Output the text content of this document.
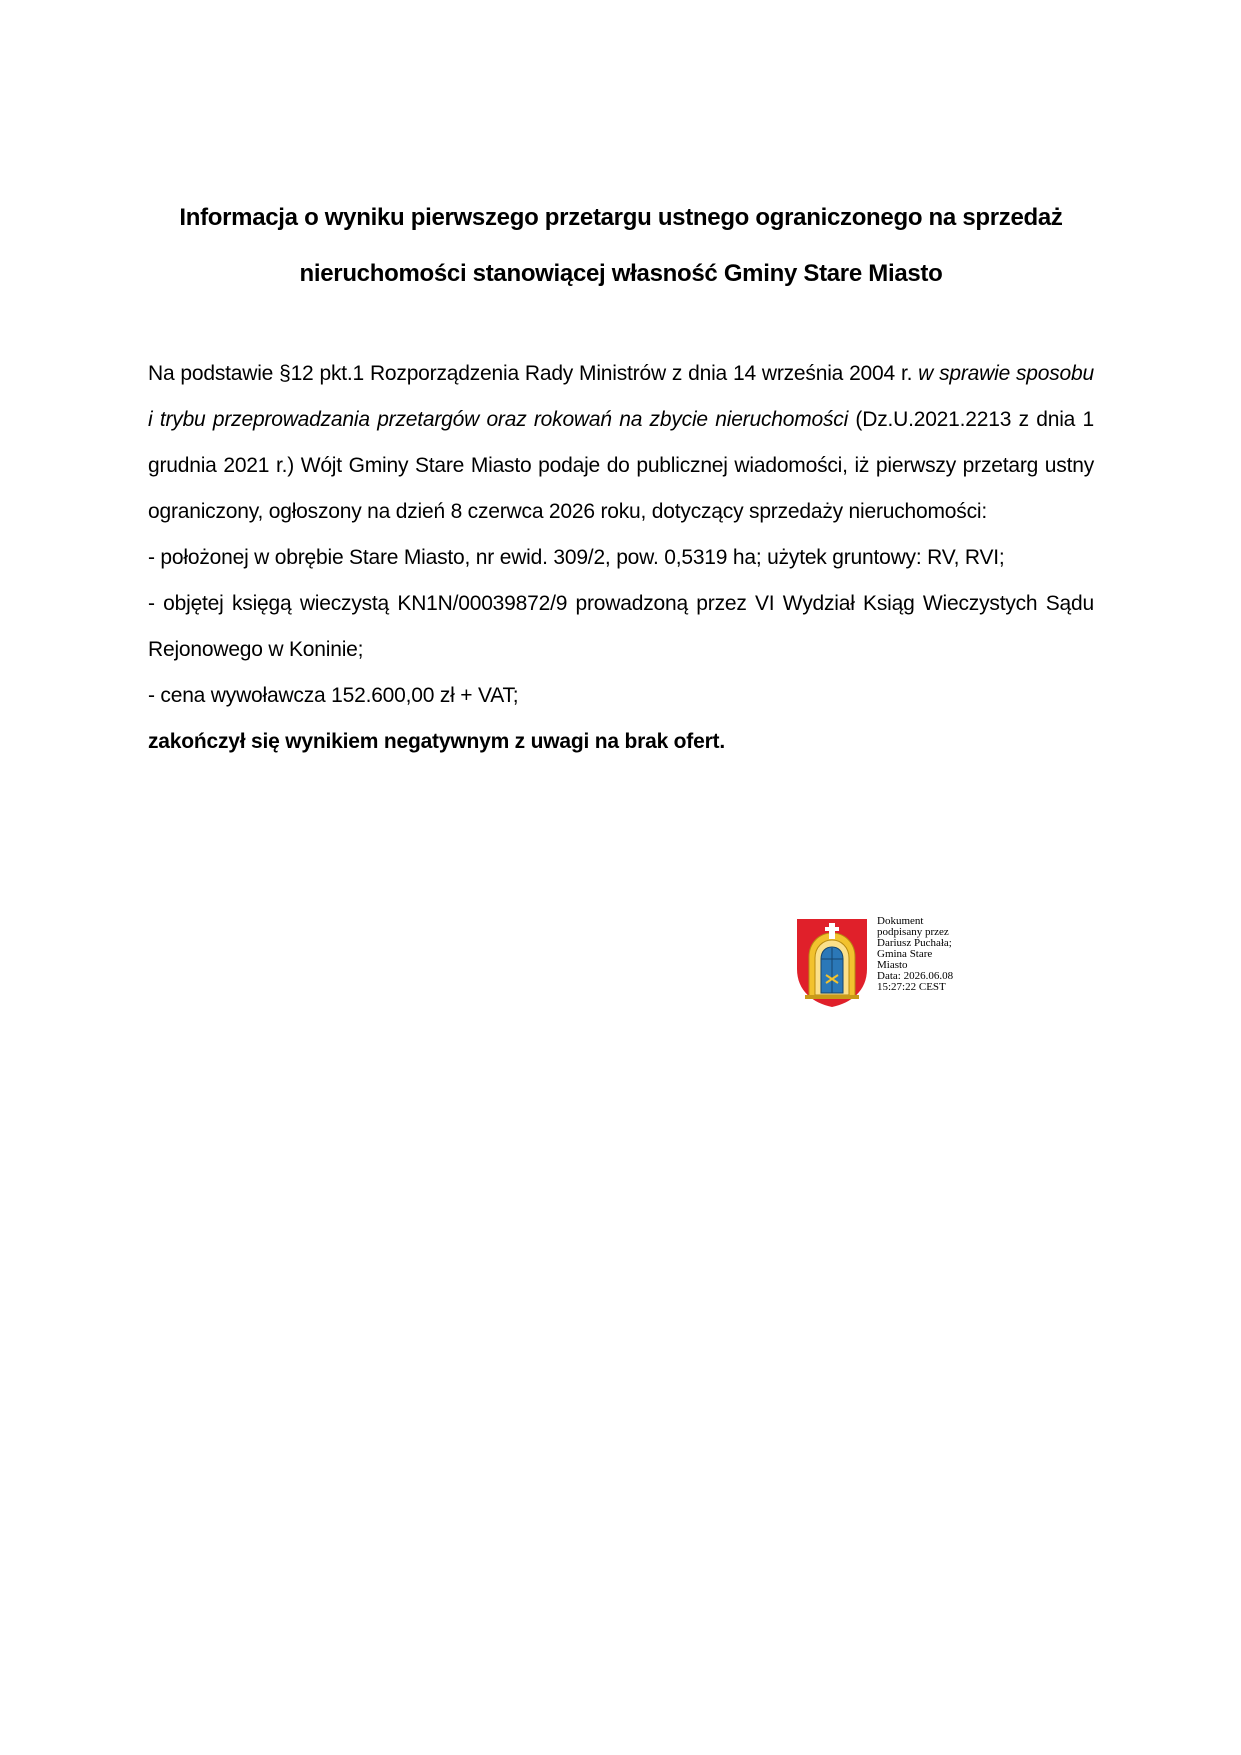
Informacja o wyniku pierwszego przetargu ustnego ograniczonego na sprzedaż
nieruchomości stanowiącej własność Gminy Stare Miasto

Na podstawie §12 pkt.1 Rozporządzenia Rady Ministrów z dnia 14 września 2004 r. w sprawie sposobu i trybu przeprowadzania przetargów oraz rokowań na zbycie nieruchomości (Dz.U.2021.2213 z dnia 1 grudnia 2021 r.) Wójt Gminy Stare Miasto podaje do publicznej wiadomości, iż pierwszy przetarg ustny ograniczony, ogłoszony na dzień 8 czerwca 2026 roku, dotyczący sprzedaży nieruchomości:

- położonej w obrębie Stare Miasto, nr ewid. 309/2, pow. 0,5319 ha; użytek gruntowy: RV, RVI;

- objętej księgą wieczystą KN1N/00039872/9 prowadzoną przez VI Wydział Ksiąg Wieczystych Sądu Rejonowego w Koninie;

- cena wywoławcza 152.600,00 zł + VAT;

zakończył się wynikiem negatywnym z uwagi na brak ofert.

Dokument
podpisany przez
Dariusz Puchała;
Gmina Stare
Miasto
Data: 2026.06.08
15:27:22 CEST
